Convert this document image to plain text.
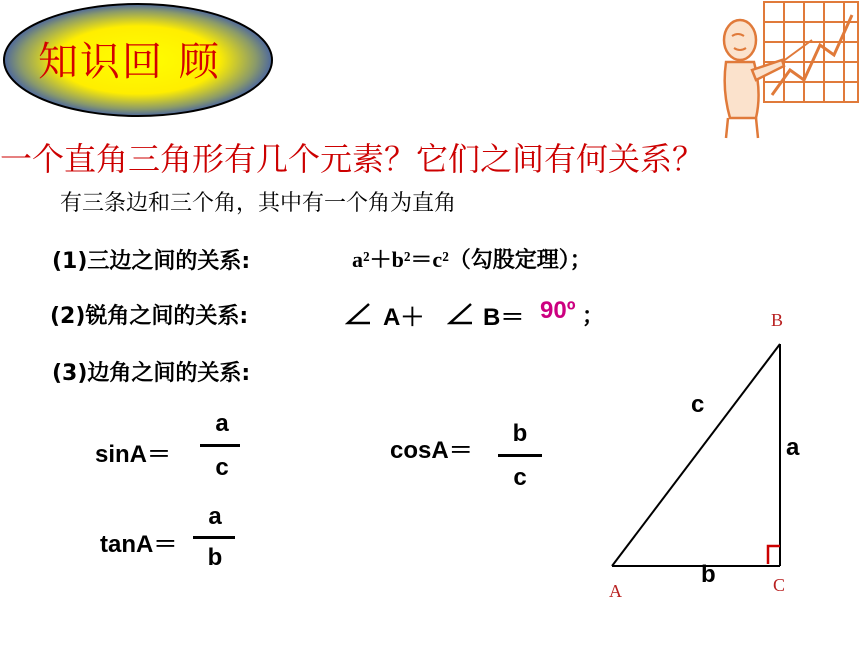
知识回 顾
一个直角三角形有几个元素？它们之间有何关系？
有三条边和三个角，其中有一个角为直角
(1)三边之间的关系:	a²＋b²＝c²（勾股定理）；
(2)锐角之间的关系:	A＋ B＝ 90º ；
(3)边角之间的关系:
sinA＝
a
c
cosA＝
b
c
tanA＝
a
b
B
A	C
c
a
b
